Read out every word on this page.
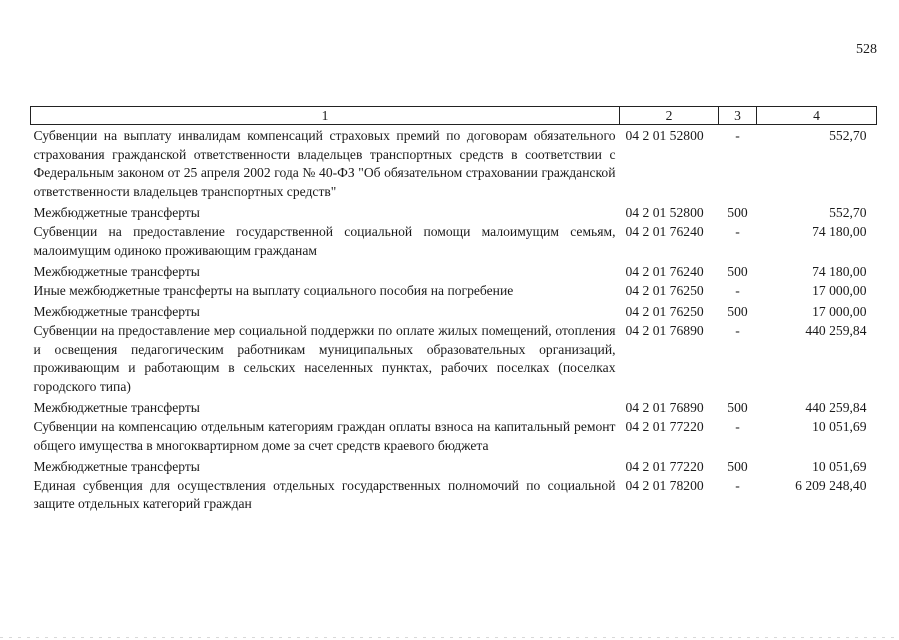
528
1	2	3	4
Субвенции на выплату инвалидам компенсаций страховых премий по договорам обязательного страхования гражданской ответственности владельцев транспортных средств в соответствии с Федеральным законом от 25 апреля 2002 года № 40-ФЗ "Об обязательном страховании гражданской ответственности владельцев транспортных средств"	04 2 01 52800	-	552,70
Межбюджетные трансферты	04 2 01 52800	500	552,70
Субвенции на предоставление государственной социальной помощи малоимущим семьям, малоимущим одиноко проживающим гражданам	04 2 01 76240	-	74 180,00
Межбюджетные трансферты	04 2 01 76240	500	74 180,00
Иные межбюджетные трансферты на выплату социального пособия на погребение	04 2 01 76250	-	17 000,00
Межбюджетные трансферты	04 2 01 76250	500	17 000,00
Субвенции на предоставление мер социальной поддержки по оплате жилых помещений, отопления и освещения педагогическим работникам муниципальных образовательных организаций, проживающим и работающим в сельских населенных пунктах, рабочих поселках (поселках городского типа)	04 2 01 76890	-	440 259,84
Межбюджетные трансферты	04 2 01 76890	500	440 259,84
Субвенции на компенсацию отдельным категориям граждан оплаты взноса на капитальный ремонт общего имущества в многоквартирном доме за счет средств краевого бюджета	04 2 01 77220	-	10 051,69
Межбюджетные трансферты	04 2 01 77220	500	10 051,69
Единая субвенция для осуществления отдельных государственных полномочий по социальной защите отдельных категорий граждан	04 2 01 78200	-	6 209 248,40
